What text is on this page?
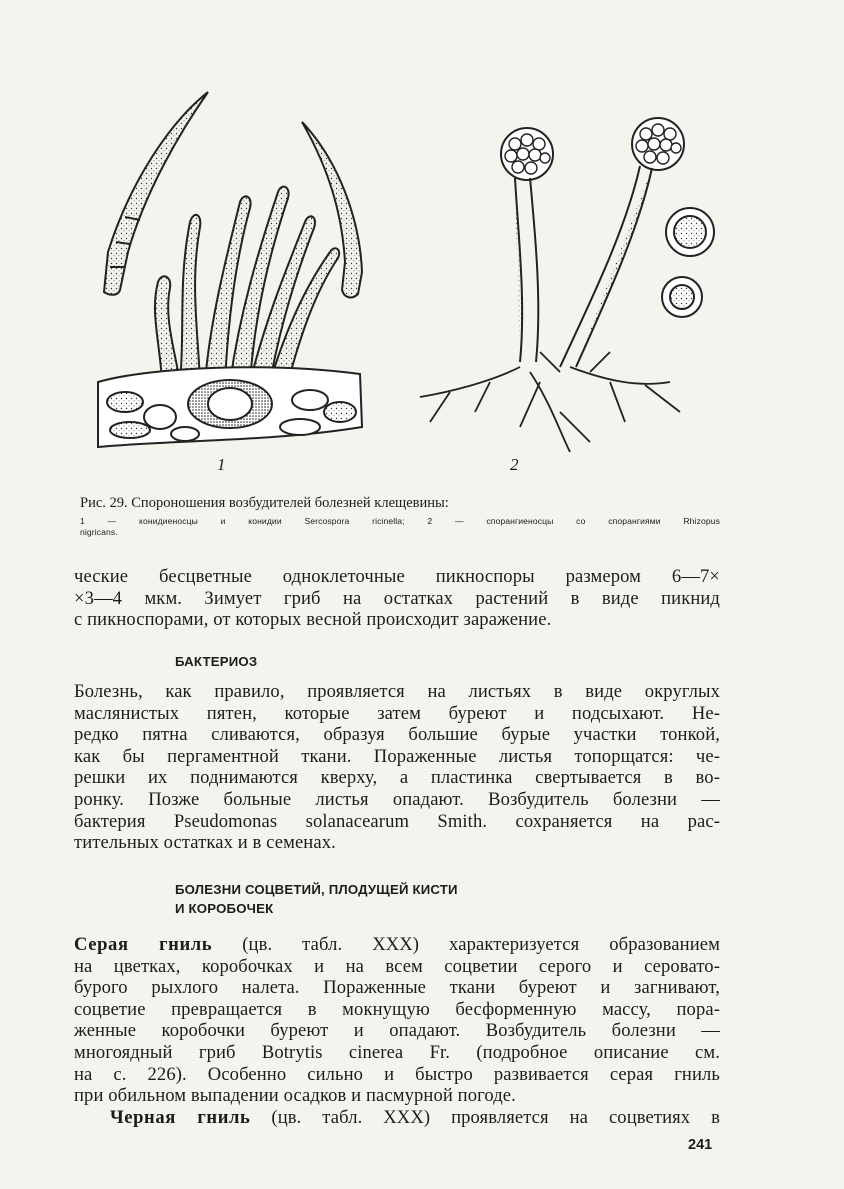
1	2
Рис. 29. Спороношения возбудителей болезней клещевины:
1 — конидиеносцы и конидии Sercospora ricinella; 2 — спорангиеносцы со спорангиями Rhizopus
nigricans.
ческие бесцветные одноклеточные пикноспоры размером 6—7×
×3—4 мкм. Зимует гриб на остатках растений в виде пикнид
с пикноспорами, от которых весной происходит заражение.
БАКТЕРИОЗ
Болезнь, как правило, проявляется на листьях в виде округлых
маслянистых пятен, которые затем буреют и подсыхают. Не-
редко пятна сливаются, образуя большие бурые участки тонкой,
как бы пергаментной ткани. Пораженные листья топорщатся: че-
решки их поднимаются кверху, а пластинка свертывается в во-
ронку. Позже больные листья опадают. Возбудитель болезни —
бактерия Pseudomonas solanacearum Smith. сохраняется на рас-
тительных остатках и в семенах.
БОЛЕЗНИ СОЦВЕТИЙ, ПЛОДУЩЕЙ КИСТИ
И КОРОБОЧЕК
Серая гниль (цв. табл. XXX) характеризуется образованием
на цветках, коробочках и на всем соцветии серого и серовато-
бурого рыхлого налета. Пораженные ткани буреют и загнивают,
соцветие превращается в мокнущую бесформенную массу, пора-
женные коробочки буреют и опадают. Возбудитель болезни —
многоядный гриб Botrytis cinerea Fr. (подробное описание см.
на с. 226). Особенно сильно и быстро развивается серая гниль
при обильном выпадении осадков и пасмурной погоде.
Черная гниль (цв. табл. XXX) проявляется на соцветиях в
241
